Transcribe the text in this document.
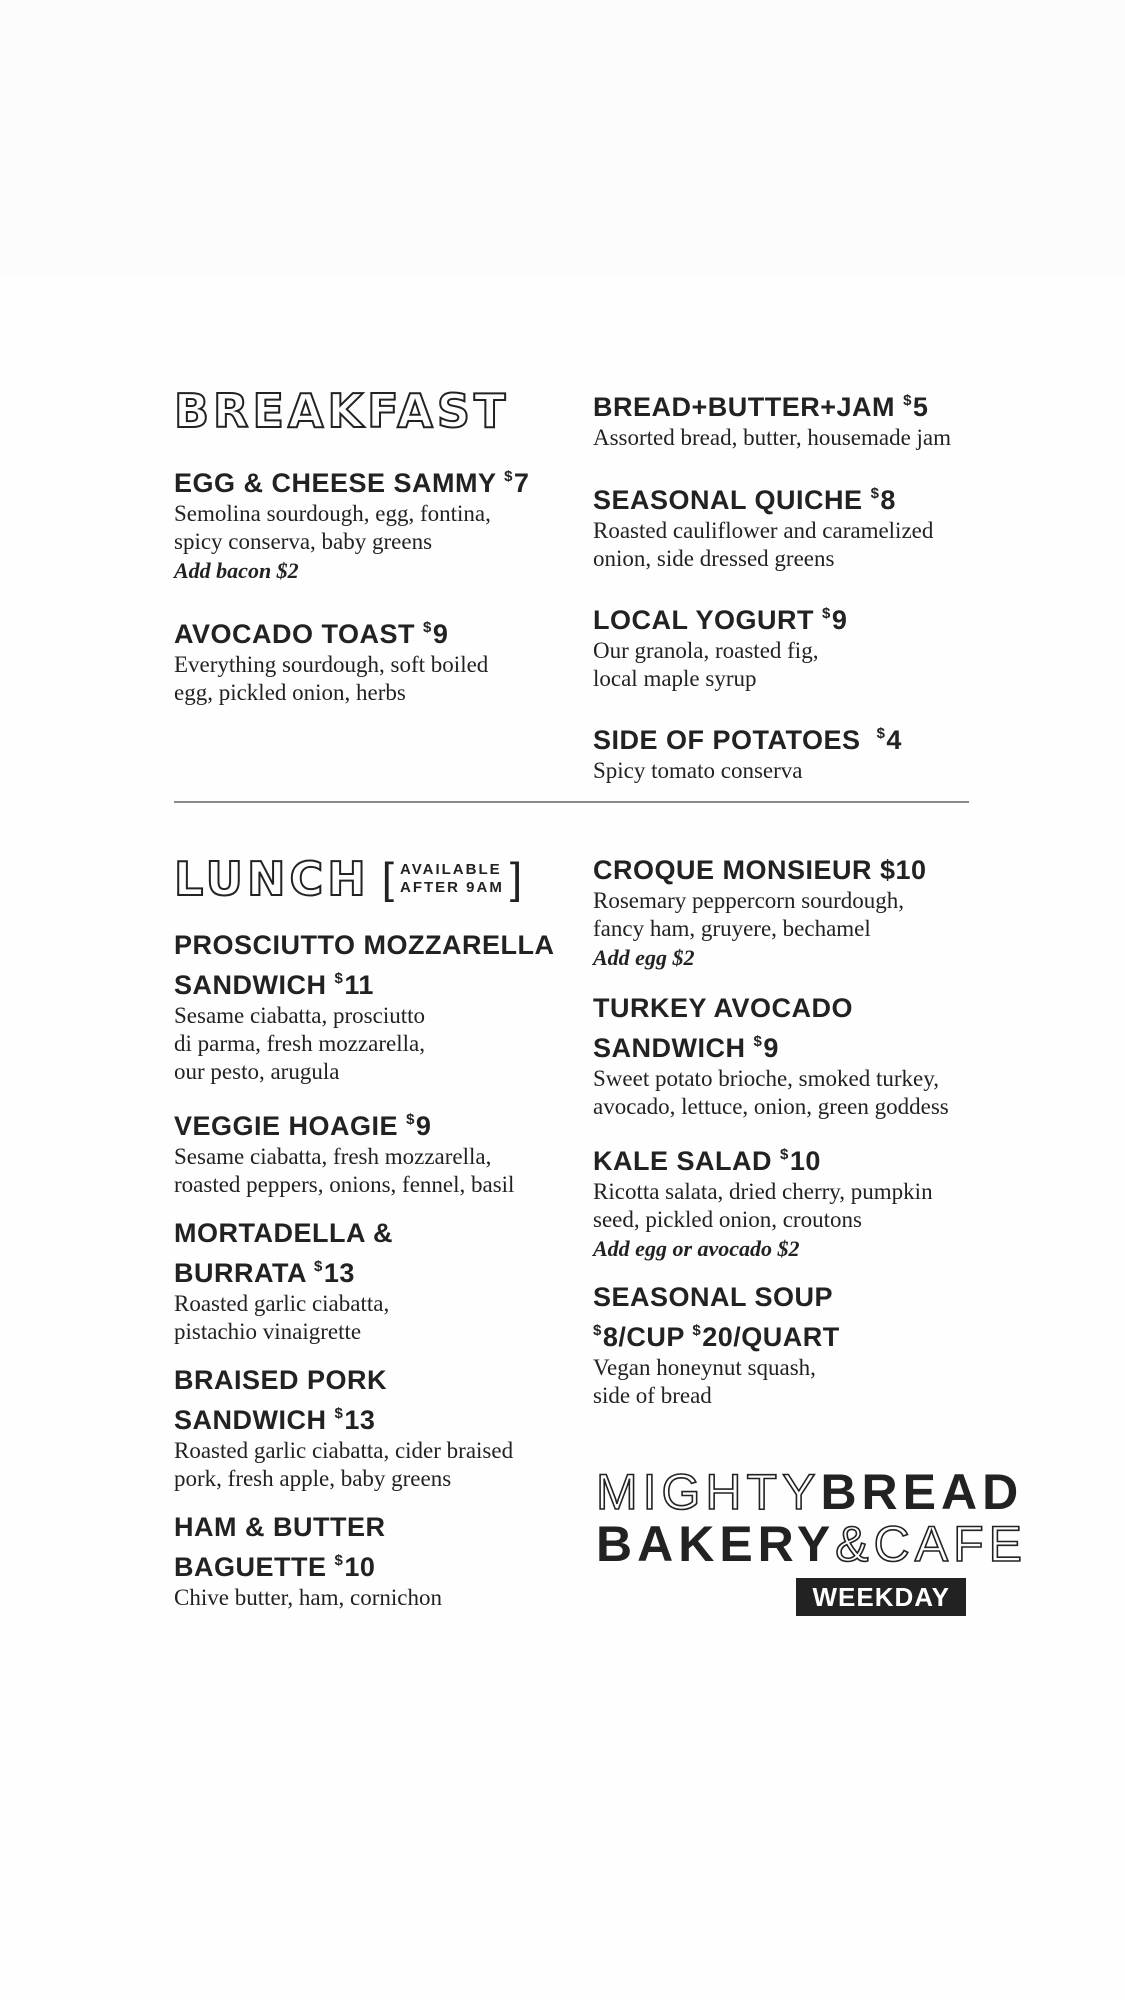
BREAKFAST
EGG & CHEESE SAMMY $7
Semolina sourdough, egg, fontina,
spicy conserva, baby greens
Add bacon $2
AVOCADO TOAST $9
Everything sourdough, soft boiled
egg, pickled onion, herbs
BREAD+BUTTER+JAM $5
Assorted bread, butter, housemade jam
SEASONAL QUICHE $8
Roasted cauliflower and caramelized
onion, side dressed greens
LOCAL YOGURT $9
Our granola, roasted fig,
local maple syrup
SIDE OF POTATOES $4
Spicy tomato conserva
LUNCH [ AVAILABLE
AFTER 9AM ]
PROSCIUTTO MOZZARELLA
SANDWICH $11
Sesame ciabatta, prosciutto
di parma, fresh mozzarella,
our pesto, arugula
VEGGIE HOAGIE $9
Sesame ciabatta, fresh mozzarella,
roasted peppers, onions, fennel, basil
MORTADELLA &
BURRATA $13
Roasted garlic ciabatta,
pistachio vinaigrette
BRAISED PORK
SANDWICH $13
Roasted garlic ciabatta, cider braised
pork, fresh apple, baby greens
HAM & BUTTER
BAGUETTE $10
Chive butter, ham, cornichon
CROQUE MONSIEUR $10
Rosemary peppercorn sourdough,
fancy ham, gruyere, bechamel
Add egg $2
TURKEY AVOCADO
SANDWICH $9
Sweet potato brioche, smoked turkey,
avocado, lettuce, onion, green goddess
KALE SALAD $10
Ricotta salata, dried cherry, pumpkin
seed, pickled onion, croutons
Add egg or avocado $2
SEASONAL SOUP
$8/CUP $20/QUART
Vegan honeynut squash,
side of bread
MIGHTYBREAD
BAKERY&CAFE
WEEKDAY
